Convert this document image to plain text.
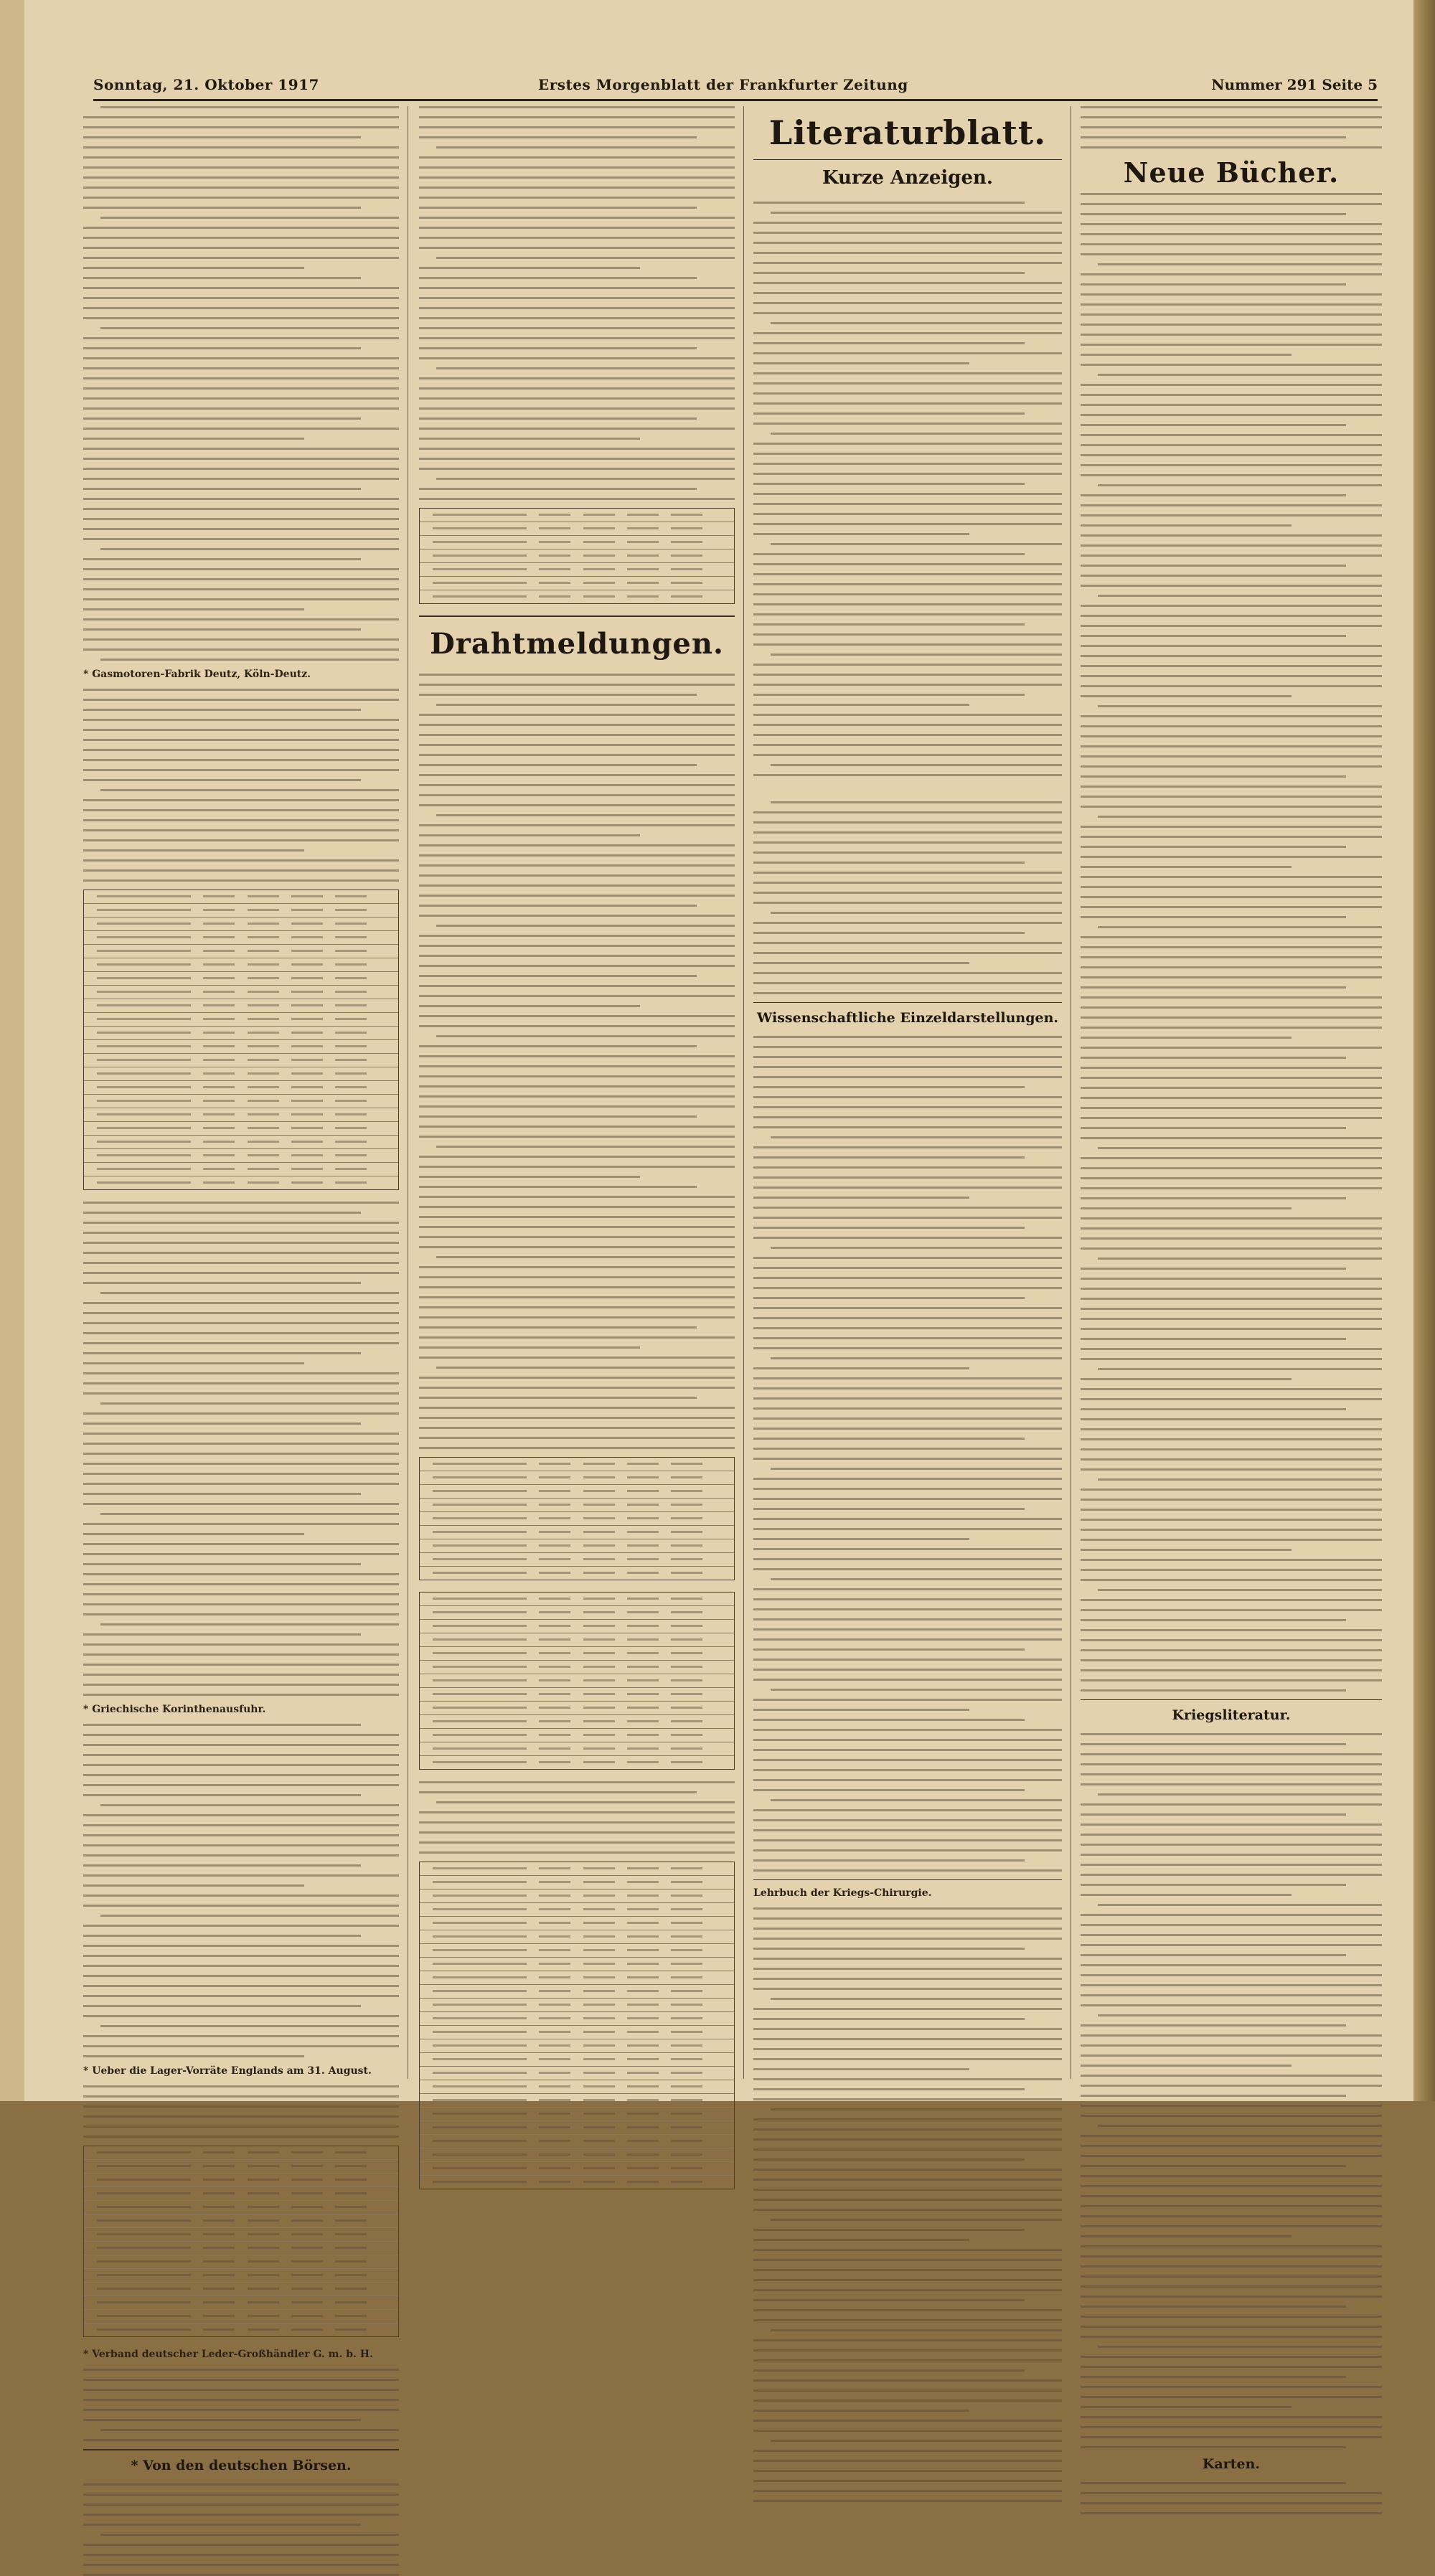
Sonntag, 21. Oktober 1917	Erstes Morgenblatt der Frankfurter Zeitung	Nummer 291 Seite 5
* Gasmotoren-Fabrik Deutz, Köln-Deutz.
* Griechische Korinthenausfuhr.
* Ueber die Lager-Vorräte Englands am 31. August.
* Verband deutscher Leder-Großhändler G. m. b. H.
* Von den deutschen Börsen.
Drahtmeldungen.
Literaturblatt.
Kurze Anzeigen.
Wissenschaftliche Einzeldarstellungen.
Lehrbuch der Kriegs-Chirurgie.
Neue Bücher.
Kriegsliteratur.
Karten.
